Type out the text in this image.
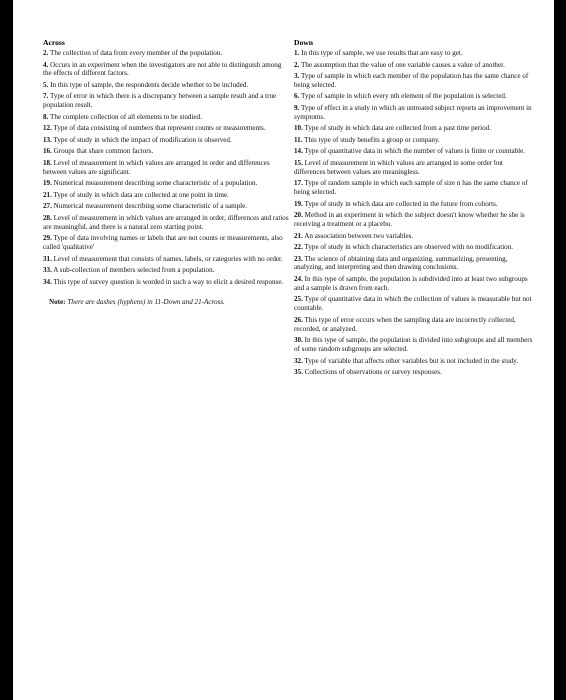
Across
2. The collection of data from every member of the population.
4. Occurs in an experiment when the investigators are not able to distinguish among the effects of different factors.
5. In this type of sample, the respondents decide whether to be included.
7. Type of error in which there is a discrepancy between a sample result and a true population result.
8. The complete collection of all elements to be studied.
12. Type of data consisting of numbers that represent counts or measurements.
13. Type of study in which the impact of modification is observed.
16. Groups that share common factors.
18. Level of measurement in which values are arranged in order and differences between values are significant.
19. Numerical measurement describing some characteristic of a population.
21. Type of study in which data are collected at one point in time.
27. Numerical measurement describing some characteristic of a sample.
28. Level of measurement in which values are arranged in order, differences and ratios are meaningful, and there is a natural zero starting point.
29. Type of data involving names or labels that are not counts or measurements, also called 'qualitative'
31. Level of measurement that consists of names, labels, or categories with no order.
33. A sub-collection of members selected from a population.
34. This type of survey question is worded in such a way to elicit a desired response.
Note: There are dashes (hyphens) in 11-Down and 21-Across.
Down
1. In this type of sample, we use results that are easy to get.
2. The assumption that the value of one variable causes a value of another.
3. Type of sample in which each member of the population has the same chance of being selected.
6. Type of sample in which every nth element of the population is selected.
9. Type of effect in a study in which an untreated subject reports an improvement in symptoms.
10. Type of study in which data are collected from a past time period.
11. This type of study benefits a group or company.
14. Type of quantitative data in which the number of values is finite or countable.
15. Level of measurement in which values are arranged in some order but differences between values are meaningless.
17. Type of random sample in which each sample of size n has the same chance of being selected.
19. Type of study in which data are collected in the future from cohorts.
20. Method in an experiment in which the subject doesn't know whether he she is receiving a treatment or a placebo.
21. An association between two variables.
22. Type of study in which characteristics are observed with no modification.
23. The science of obtaining data and organizing, summarizing, presenting, analyzing, and interpreting and then drawing conclusions.
24. In this type of sample, the population is subdivided into at least two subgroups and a sample is drawn from each.
25. Type of quantitative data in which the collection of values is measurable but not countable.
26. This type of error occurs when the sampling data are incorrectly collected, recorded, or analyzed.
30. In this type of sample, the population is divided into subgroups and all members of some random subgroups are selected.
32. Type of variable that affects other variables but is not included in the study.
35. Collections of observations or survey responses.
